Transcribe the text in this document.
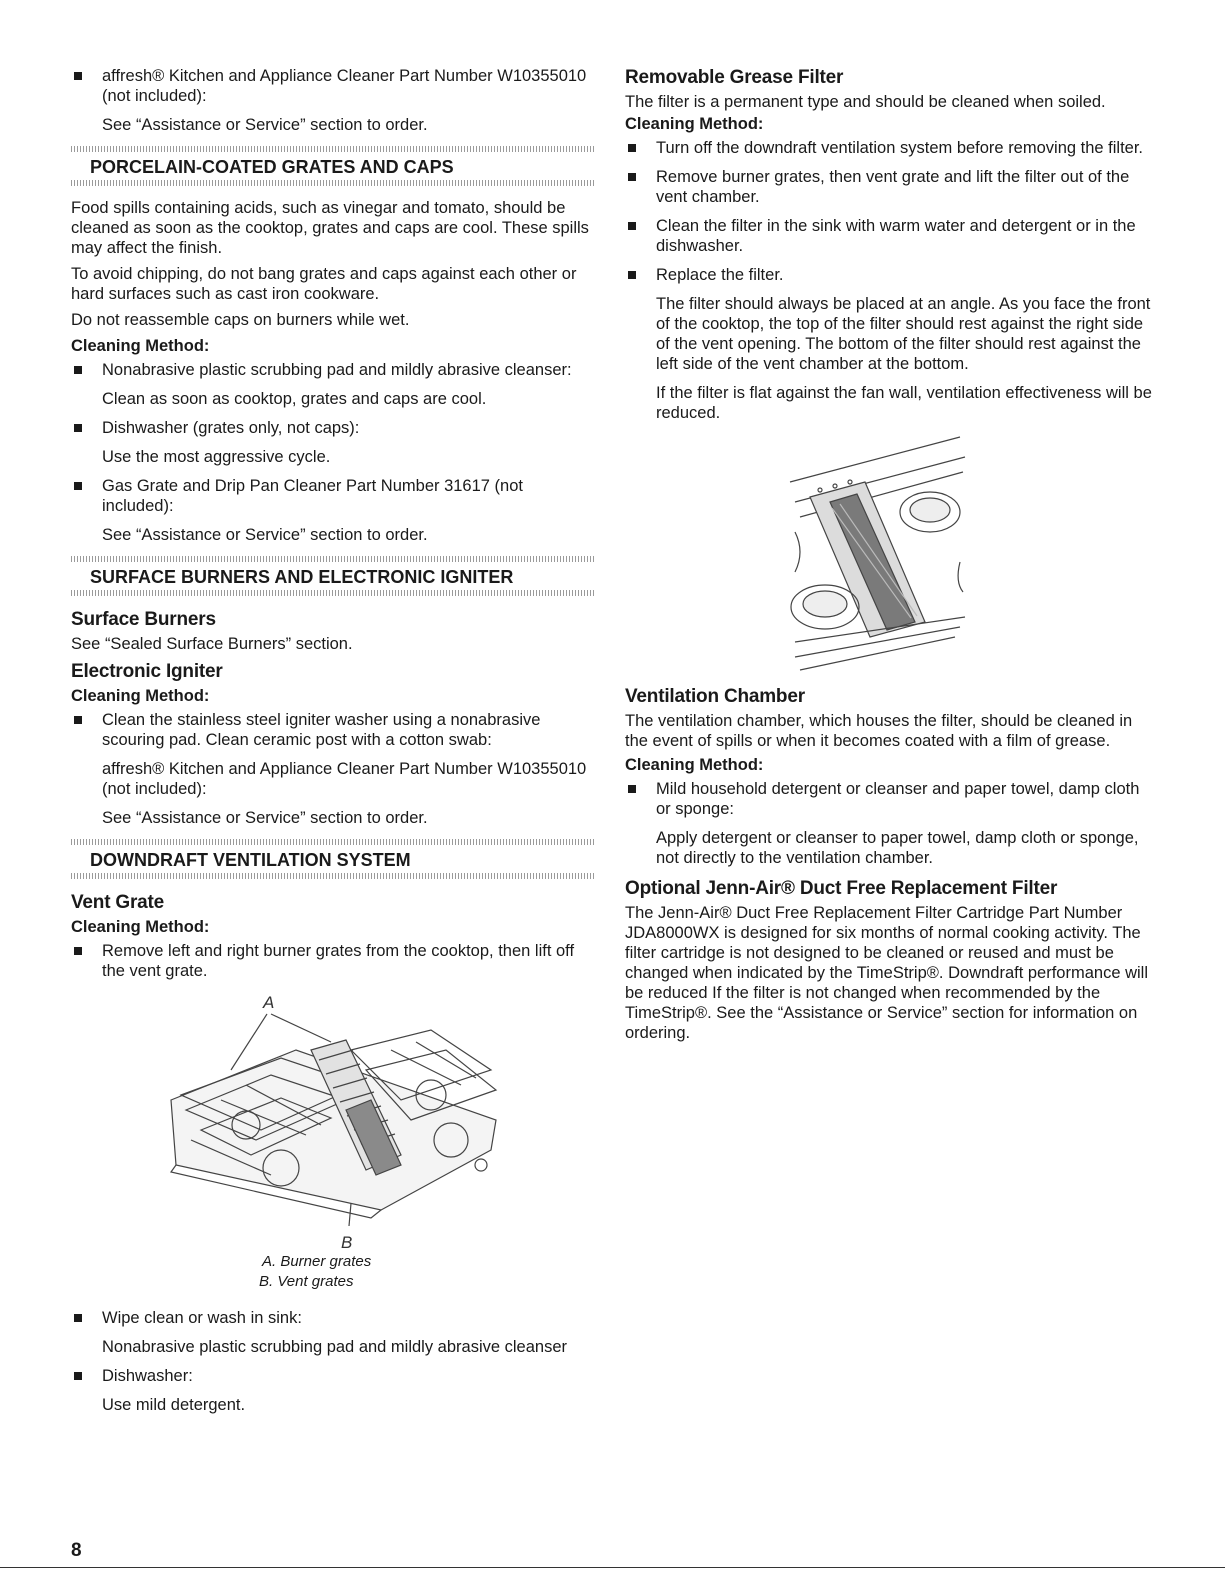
affresh® Kitchen and Appliance Cleaner Part Number W10355010 (not included):
See “Assistance or Service” section to order.
PORCELAIN-COATED GRATES AND CAPS

Food spills containing acids, such as vinegar and tomato, should be cleaned as soon as the cooktop, grates and caps are cool. These spills may affect the finish.

To avoid chipping, do not bang grates and caps against each other or hard surfaces such as cast iron cookware.

Do not reassemble caps on burners while wet.

Cleaning Method:
Nonabrasive plastic scrubbing pad and mildly abrasive cleanser:
Clean as soon as cooktop, grates and caps are cool.
Dishwasher (grates only, not caps):
Use the most aggressive cycle.
Gas Grate and Drip Pan Cleaner Part Number 31617 (not included):
See “Assistance or Service” section to order.
SURFACE BURNERS AND ELECTRONIC IGNITER
Surface Burners

See “Sealed Surface Burners” section.

Electronic Igniter
Cleaning Method:
Clean the stainless steel igniter washer using a nonabrasive scouring pad. Clean ceramic post with a cotton swab:
affresh® Kitchen and Appliance Cleaner Part Number W10355010 (not included):
See “Assistance or Service” section to order.
DOWNDRAFT VENTILATION SYSTEM
Vent Grate
Cleaning Method:
Remove left and right burner grates from the cooktop, then lift off the vent grate.
A
B
A. Burner grates
B. Vent grates
Wipe clean or wash in sink:
Nonabrasive plastic scrubbing pad and mildly abrasive cleanser
Dishwasher:
Use mild detergent.
Removable Grease Filter

The filter is a permanent type and should be cleaned when soiled.

Cleaning Method:
Turn off the downdraft ventilation system before removing the filter.
Remove burner grates, then vent grate and lift the filter out of the vent chamber.
Clean the filter in the sink with warm water and detergent or in the dishwasher.
Replace the filter.
The filter should always be placed at an angle. As you face the front of the cooktop, the top of the filter should rest against the right side of the vent opening. The bottom of the filter should rest against the left side of the vent chamber at the bottom.
If the filter is flat against the fan wall, ventilation effectiveness will be reduced.
Ventilation Chamber

The ventilation chamber, which houses the filter, should be cleaned in the event of spills or when it becomes coated with a film of grease.

Cleaning Method:
Mild household detergent or cleanser and paper towel, damp cloth or sponge:
Apply detergent or cleanser to paper towel, damp cloth or sponge, not directly to the ventilation chamber.
Optional Jenn-Air® Duct Free Replacement Filter

The Jenn-Air® Duct Free Replacement Filter Cartridge Part Number JDA8000WX is designed for six months of normal cooking activity. The filter cartridge is not designed to be cleaned or reused and must be changed when indicated by the TimeStrip®. Downdraft performance will be reduced If the filter is not changed when recommended by the TimeStrip®. See the “Assistance or Service” section for information on ordering.

8
